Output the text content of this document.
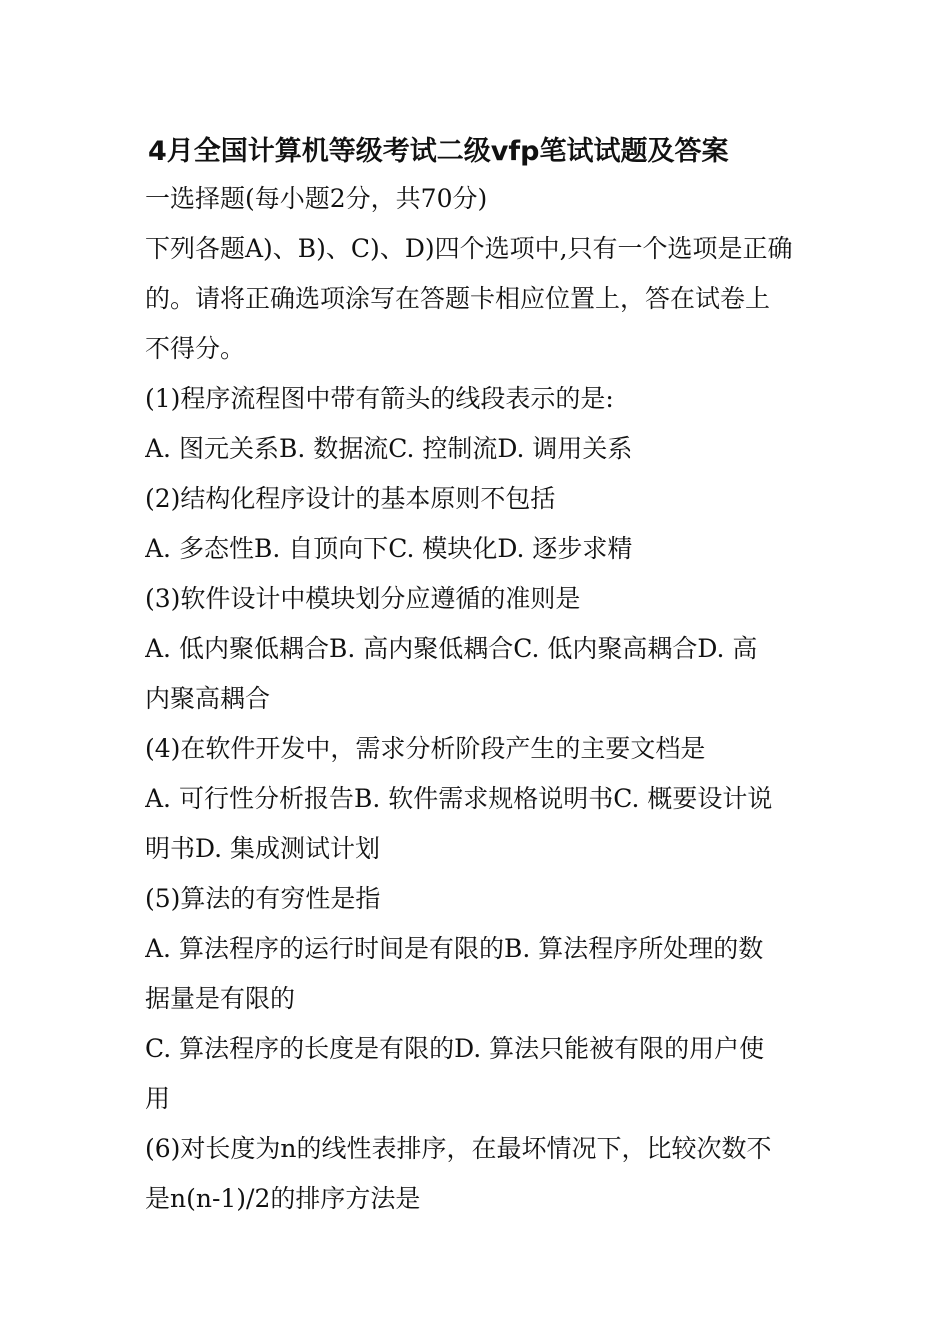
4月全国计算机等级考试二级vfp笔试试题及答案
一选择题(每小题2分，共70分)
下列各题A)、B)、C)、D)四个选项中,只有一个选项是正确
的。请将正确选项涂写在答题卡相应位置上，答在试卷上
不得分。
(1)程序流程图中带有箭头的线段表示的是:
A. 图元关系B. 数据流C. 控制流D. 调用关系
(2)结构化程序设计的基本原则不包括
A. 多态性B. 自顶向下C. 模块化D. 逐步求精
(3)软件设计中模块划分应遵循的准则是
A. 低内聚低耦合B. 高内聚低耦合C. 低内聚高耦合D. 高
内聚高耦合
(4)在软件开发中，需求分析阶段产生的主要文档是
A. 可行性分析报告B. 软件需求规格说明书C. 概要设计说
明书D. 集成测试计划
(5)算法的有穷性是指
A. 算法程序的运行时间是有限的B. 算法程序所处理的数
据量是有限的
C. 算法程序的长度是有限的D. 算法只能被有限的用户使
用
(6)对长度为n的线性表排序，在最坏情况下，比较次数不
是n(n-1)/2的排序方法是
